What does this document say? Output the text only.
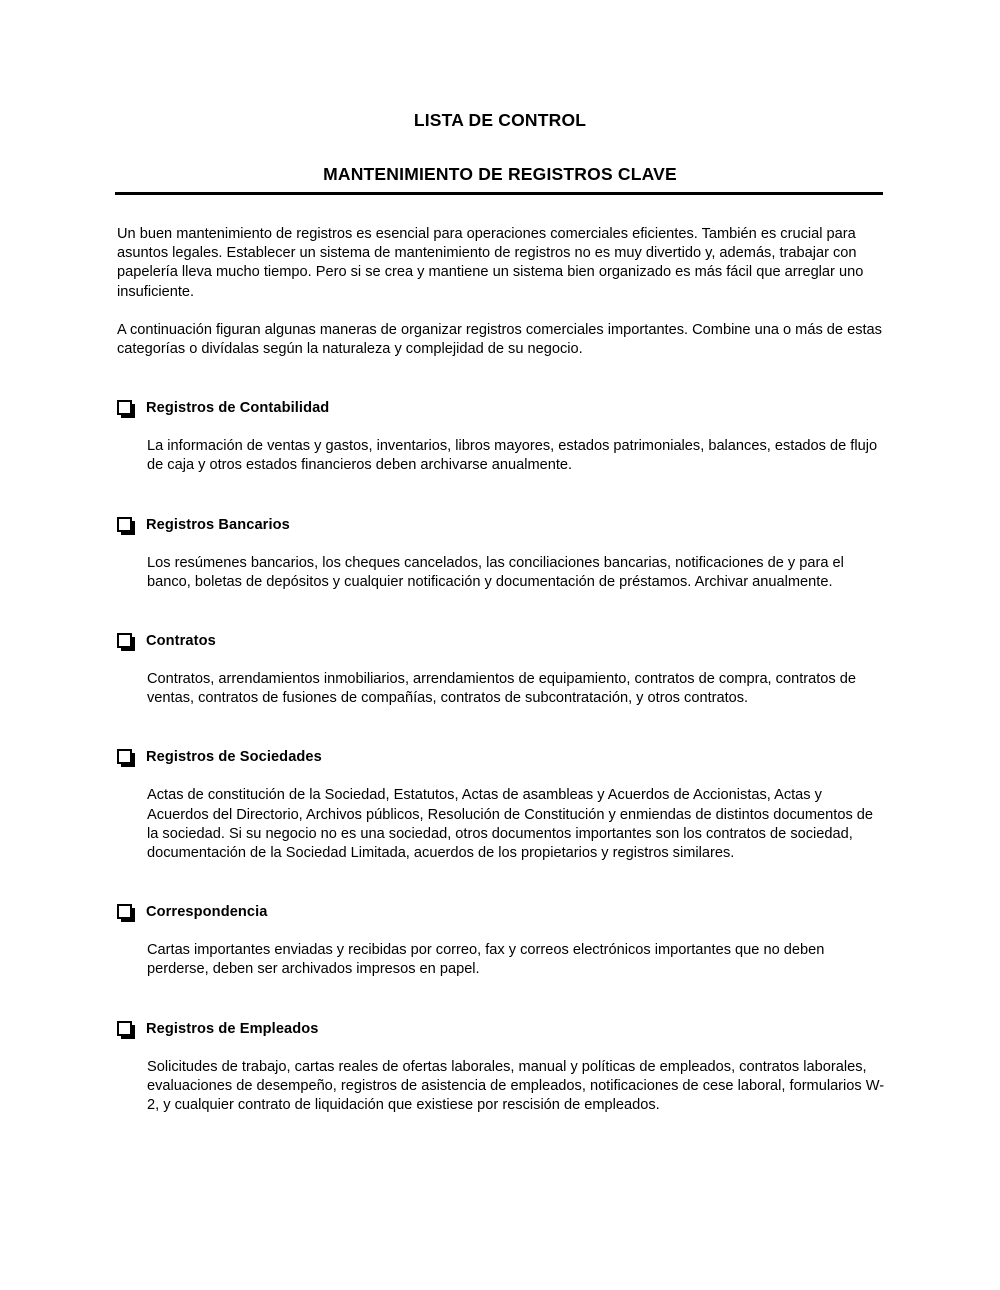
LISTA DE CONTROL
MANTENIMIENTO DE REGISTROS CLAVE

Un buen mantenimiento de registros es esencial para operaciones comerciales eficientes. También es crucial para asuntos legales. Establecer un sistema de mantenimiento de registros no es muy divertido y, además, trabajar con papelería lleva mucho tiempo. Pero si se crea y mantiene un sistema bien organizado es más fácil que arreglar uno insuficiente.

A continuación figuran algunas maneras de organizar registros comerciales importantes. Combine una o más de estas categorías o divídalas según la naturaleza y complejidad de su negocio.

Registros de Contabilidad

La información de ventas y gastos, inventarios, libros mayores, estados patrimoniales, balances, estados de flujo de caja y otros estados financieros deben archivarse anualmente.

Registros Bancarios

Los resúmenes bancarios, los cheques cancelados, las conciliaciones bancarias, notificaciones de y para el banco, boletas de depósitos y cualquier notificación y documentación de préstamos. Archivar anualmente.

Contratos

Contratos, arrendamientos inmobiliarios, arrendamientos de equipamiento, contratos de compra, contratos de ventas, contratos de fusiones de compañías, contratos de subcontratación, y otros contratos.

Registros de Sociedades

Actas de constitución de la Sociedad, Estatutos, Actas de asambleas y Acuerdos de Accionistas, Actas y Acuerdos del Directorio, Archivos públicos, Resolución de Constitución y enmiendas de distintos documentos de la sociedad. Si su negocio no es una sociedad, otros documentos importantes son los contratos de sociedad, documentación de la Sociedad Limitada, acuerdos de los propietarios y registros similares.

Correspondencia

Cartas importantes enviadas y recibidas por correo, fax y correos electrónicos importantes que no deben perderse, deben ser archivados impresos en papel.

Registros de Empleados

Solicitudes de trabajo, cartas reales de ofertas laborales, manual y políticas de empleados, contratos laborales, evaluaciones de desempeño, registros de asistencia de empleados, notificaciones de cese laboral, formularios W-2, y cualquier contrato de liquidación que existiese por rescisión de empleados.
